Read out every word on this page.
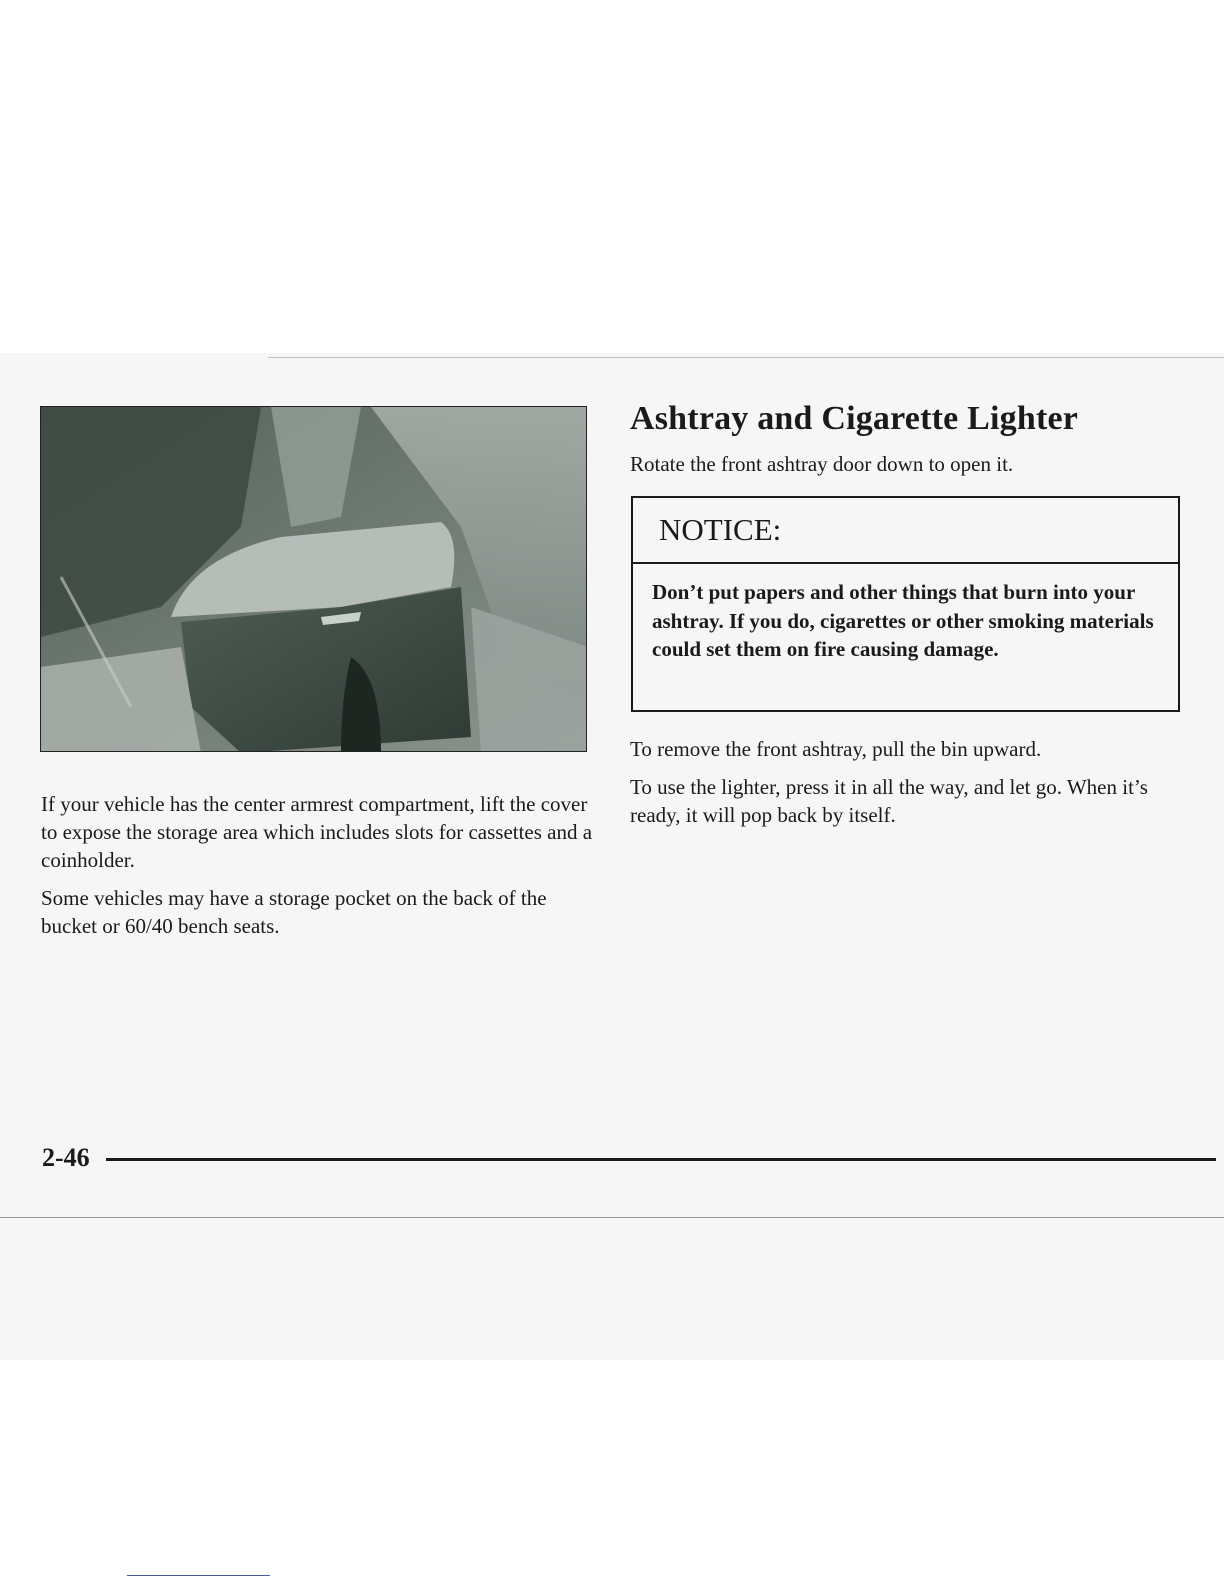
If your vehicle has the center armrest compartment, lift the cover to expose the storage area which includes slots for cassettes and a coinholder.

Some vehicles may have a storage pocket on the back of the bucket or 60/40 bench seats.

Ashtray and Cigarette Lighter

Rotate the front ashtray door down to open it.

NOTICE:
Don’t put papers and other things that burn into your ashtray. If you do, cigarettes or other smoking materials could set them on fire causing damage.

To remove the front ashtray, pull the bin upward.

To use the lighter, press it in all the way, and let go. When it’s ready, it will pop back by itself.

2-46
